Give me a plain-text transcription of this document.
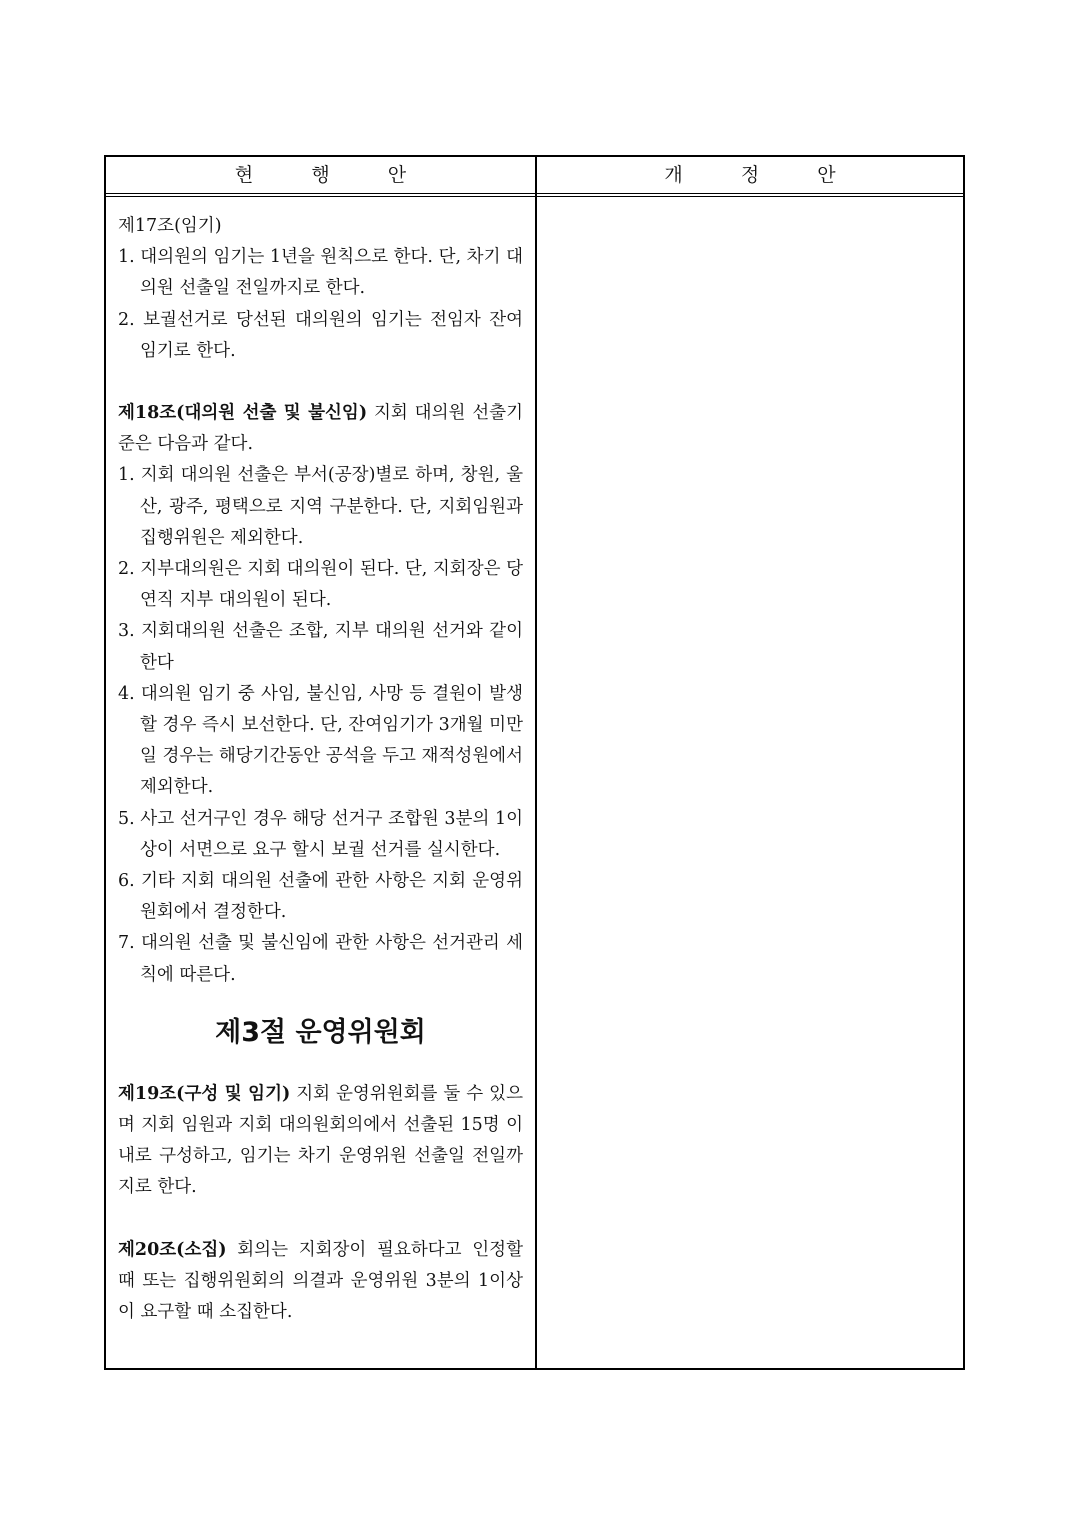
현 행 안	개 정 안

제17조(임기)

1. 대의원의 임기는 1년을 원칙으로 한다. 단, 차기 대의원 선출일 전일까지로 한다.
2. 보궐선거로 당선된 대의원의 임기는 전임자 잔여 임기로 한다.

제18조(대의원 선출 및 불신임) 지회 대의원 선출기준은 다음과 같다.

1. 지회 대의원 선출은 부서(공장)별로 하며, 창원, 울산, 광주, 평택으로 지역 구분한다. 단, 지회임원과 집행위원은 제외한다.
2. 지부대의원은 지회 대의원이 된다. 단, 지회장은 당연직 지부 대의원이 된다.
3. 지회대의원 선출은 조합, 지부 대의원 선거와 같이 한다
4. 대의원 임기 중 사임, 불신임, 사망 등 결원이 발생할 경우 즉시 보선한다. 단, 잔여임기가 3개월 미만일 경우는 해당기간동안 공석을 두고 재적성원에서 제외한다.
5. 사고 선거구인 경우 해당 선거구 조합원 3분의 1이상이 서면으로 요구 할시 보궐 선거를 실시한다.
6. 기타 지회 대의원 선출에 관한 사항은 지회 운영위원회에서 결정한다.
7. 대의원 선출 및 불신임에 관한 사항은 선거관리 세칙에 따른다.
제3절 운영위원회

제19조(구성 및 임기) 지회 운영위원회를 둘 수 있으며 지회 임원과 지회 대의원회의에서 선출된 15명 이내로 구성하고, 임기는 차기 운영위원 선출일 전일까지로 한다.

제20조(소집) 회의는 지회장이 필요하다고 인정할 때 또는 집행위원회의 의결과 운영위원 3분의 1이상이 요구할 때 소집한다.
